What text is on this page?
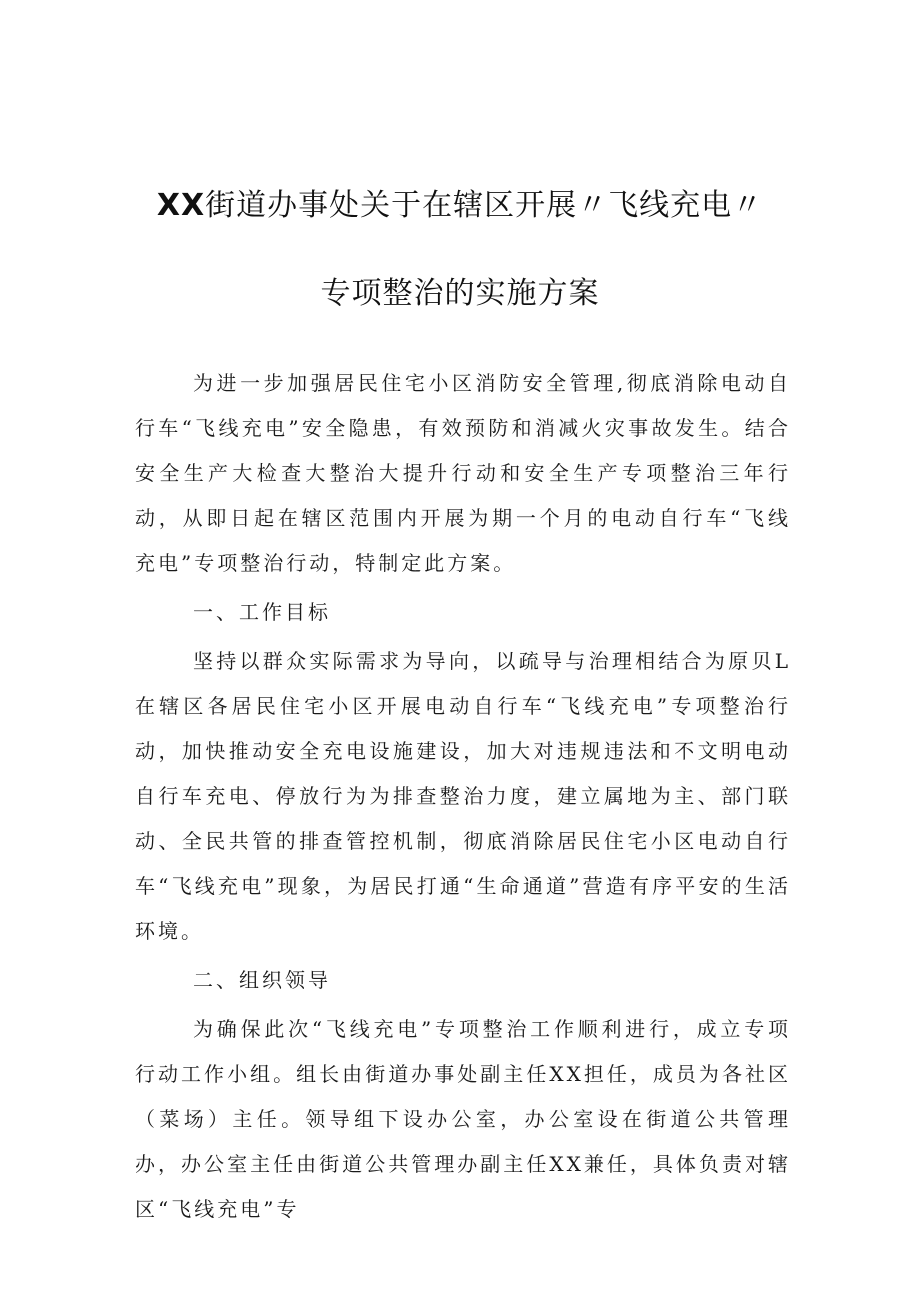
XX街道办事处关于在辖区开展〃飞线充电〃
专项整治的实施方案

为进一步加强居民住宅小区消防安全管理,彻底消除电动自行车“飞线充电”安全隐患，有效预防和消减火灾事故发生。结合安全生产大检查大整治大提升行动和安全生产专项整治三年行动，从即日起在辖区范围内开展为期一个月的电动自行车“飞线充电”专项整治行动，特制定此方案。

一、工作目标

坚持以群众实际需求为导向，以疏导与治理相结合为原贝L在辖区各居民住宅小区开展电动自行车“飞线充电”专项整治行动，加快推动安全充电设施建设，加大对违规违法和不文明电动自行车充电、停放行为为排查整治力度，建立属地为主、部门联动、全民共管的排查管控机制，彻底消除居民住宅小区电动自行车“飞线充电”现象，为居民打通“生命通道”营造有序平安的生活环境。

二、组织领导

为确保此次“飞线充电”专项整治工作顺利进行，成立专项行动工作小组。组长由街道办事处副主任XX担任，成员为各社区（菜场）主任。领导组下设办公室，办公室设在街道公共管理办，办公室主任由街道公共管理办副主任XX兼任，具体负责对辖区“飞线充电”专
